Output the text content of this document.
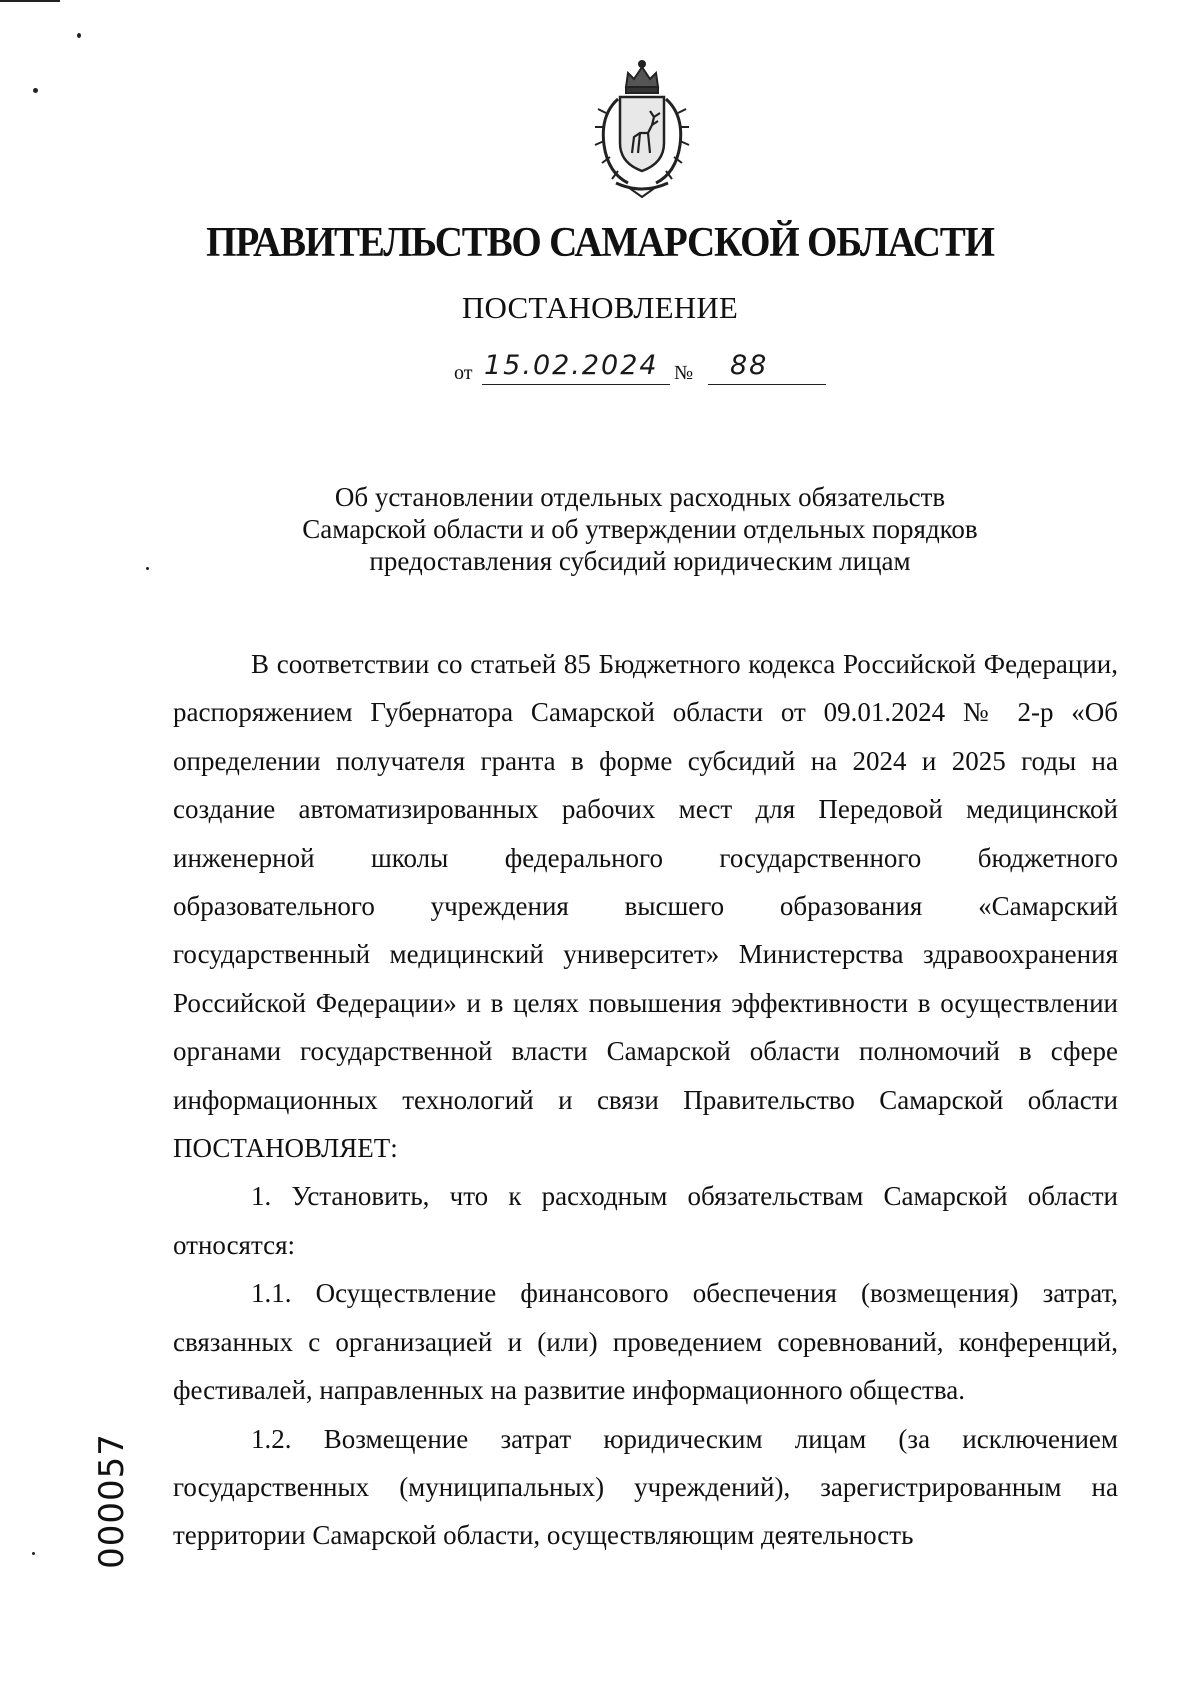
ПРАВИТЕЛЬСТВО САМАРСКОЙ ОБЛАСТИ
ПОСТАНОВЛЕНИЕ
от 15.02.2024 № 88
Об установлении отдельных расходных обязательств
Самарской области и об утверждении отдельных порядков
предоставления субсидий юридическим лицам

В соответствии со статьей 85 Бюджетного кодекса Российской Федерации, распоряжением Губернатора Самарской области от 09.01.2024 № 2-р «Об определении получателя гранта в форме субсидий на 2024 и 2025 годы на создание автоматизированных рабочих мест для Передовой медицинской инженерной школы федерального государственного бюджетного образовательного учреждения высшего образования «Самарский государственный медицинский университет» Министерства здравоохранения Российской Федерации» и в целях повышения эффективности в осуществлении органами государственной власти Самарской области полномочий в сфере информационных технологий и связи Правительство Самарской области ПОСТАНОВЛЯЕТ:

1. Установить, что к расходным обязательствам Самарской области относятся:

1.1. Осуществление финансового обеспечения (возмещения) затрат, связанных с организацией и (или) проведением соревнований, конференций, фестивалей, направленных на развитие информационного общества.

1.2. Возмещение затрат юридическим лицам (за исключением государственных (муниципальных) учреждений), зарегистрированным на территории Самарской области, осуществляющим деятельность

000057
